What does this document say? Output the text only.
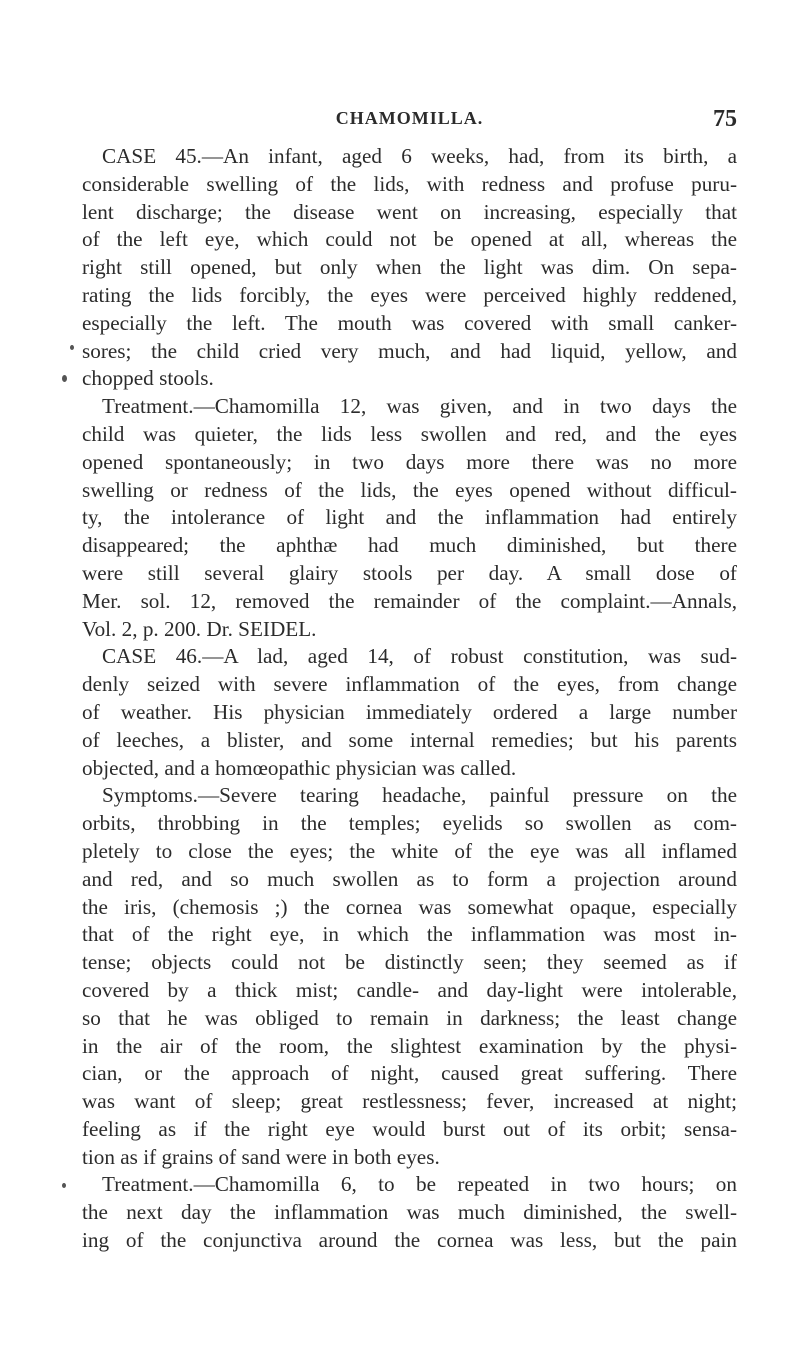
CHAMOMILLA.	75
CASE 45.—An infant, aged 6 weeks, had, from its birth, a
considerable swelling of the lids, with redness and profuse puru-
lent discharge; the disease went on increasing, especially that
of the left eye, which could not be opened at all, whereas the
right still opened, but only when the light was dim. On sepa-
rating the lids forcibly, the eyes were perceived highly reddened,
especially the left. The mouth was covered with small canker-
sores; the child cried very much, and had liquid, yellow, and
chopped stools.
Treatment.—Chamomilla 12, was given, and in two days the
child was quieter, the lids less swollen and red, and the eyes
opened spontaneously; in two days more there was no more
swelling or redness of the lids, the eyes opened without difficul-
ty, the intolerance of light and the inflammation had entirely
disappeared; the aphthæ had much diminished, but there
were still several glairy stools per day. A small dose of
Mer. sol. 12, removed the remainder of the complaint.—Annals,
Vol. 2, p. 200. Dr. SEIDEL.
CASE 46.—A lad, aged 14, of robust constitution, was sud-
denly seized with severe inflammation of the eyes, from change
of weather. His physician immediately ordered a large number
of leeches, a blister, and some internal remedies; but his parents
objected, and a homœopathic physician was called.
Symptoms.—Severe tearing headache, painful pressure on the
orbits, throbbing in the temples; eyelids so swollen as com-
pletely to close the eyes; the white of the eye was all inflamed
and red, and so much swollen as to form a projection around
the iris, (chemosis ;) the cornea was somewhat opaque, especially
that of the right eye, in which the inflammation was most in-
tense; objects could not be distinctly seen; they seemed as if
covered by a thick mist; candle- and day-light were intolerable,
so that he was obliged to remain in darkness; the least change
in the air of the room, the slightest examination by the physi-
cian, or the approach of night, caused great suffering. There
was want of sleep; great restlessness; fever, increased at night;
feeling as if the right eye would burst out of its orbit; sensa-
tion as if grains of sand were in both eyes.
Treatment.—Chamomilla 6, to be repeated in two hours; on
the next day the inflammation was much diminished, the swell-
ing of the conjunctiva around the cornea was less, but the pain
